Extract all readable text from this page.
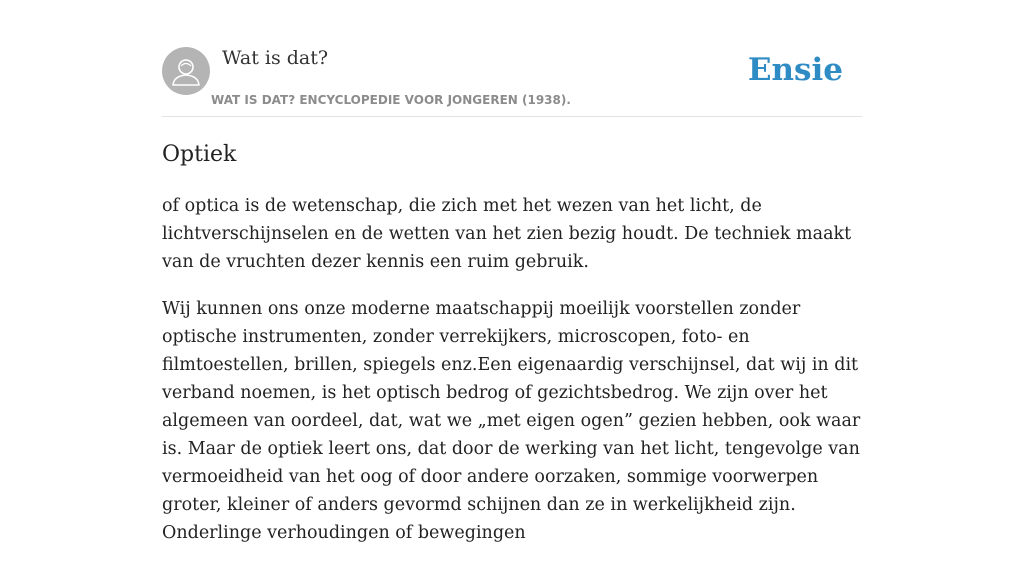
Wat is dat?
WAT IS DAT? ENCYCLOPEDIE VOOR JONGEREN (1938).
Ensie
Optiek

of optica is de wetenschap, die zich met het wezen van het licht, de lichtverschijnselen en de wetten van het zien bezig houdt. De techniek maakt van de vruchten dezer kennis een ruim gebruik.

Wij kunnen ons onze moderne maatschappij moeilijk voorstellen zonder optische instrumenten, zonder verrekijkers, microscopen, foto- en filmtoestellen, brillen, spiegels enz.Een eigenaardig verschijnsel, dat wij in dit verband noemen, is het optisch bedrog of gezichtsbedrog. We zijn over het algemeen van oordeel, dat, wat we „met eigen ogen” gezien hebben, ook waar is. Maar de optiek leert ons, dat door de werking van het licht, tengevolge van vermoeidheid van het oog of door andere oorzaken, sommige voorwerpen groter, kleiner of anders gevormd schijnen dan ze in werkelijkheid zijn. Onderlinge verhoudingen of bewegingen
